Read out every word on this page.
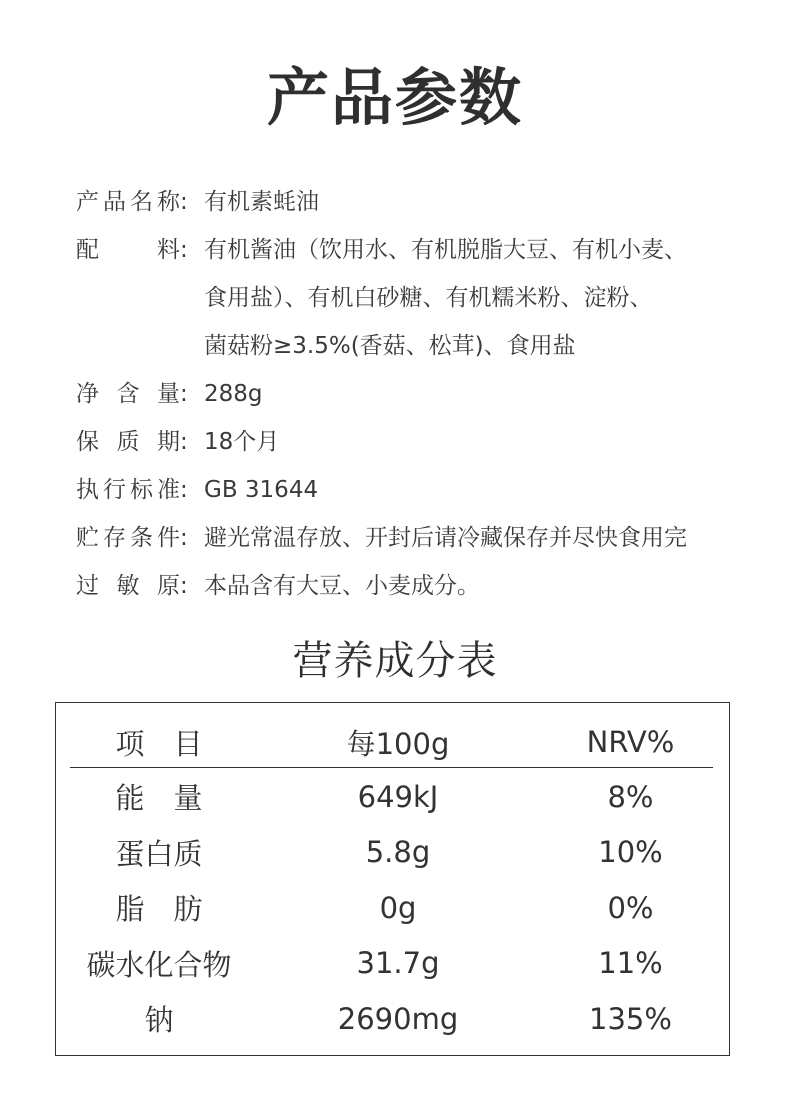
产品参数
产品名称 : 有机素蚝油
配料 : 有机酱油（饮用水、有机脱脂大豆、有机小麦、
食用盐）、有机白砂糖、有机糯米粉、淀粉、
菌菇粉≥3.5%(香菇、松茸)、食用盐
净含量 : 288g
保质期 : 18个月
执行标准 : GB 31644
贮存条件 : 避光常温存放、开封后请冷藏保存并尽快食用完
过敏原 : 本品含有大豆、小麦成分。
营养成分表
项　目	每100g	NRV%
能　量	649kJ	8%
蛋白质	5.8g	10%
脂　肪	0g	0%
碳水化合物	31.7g	11%
钠	2690mg	135%
